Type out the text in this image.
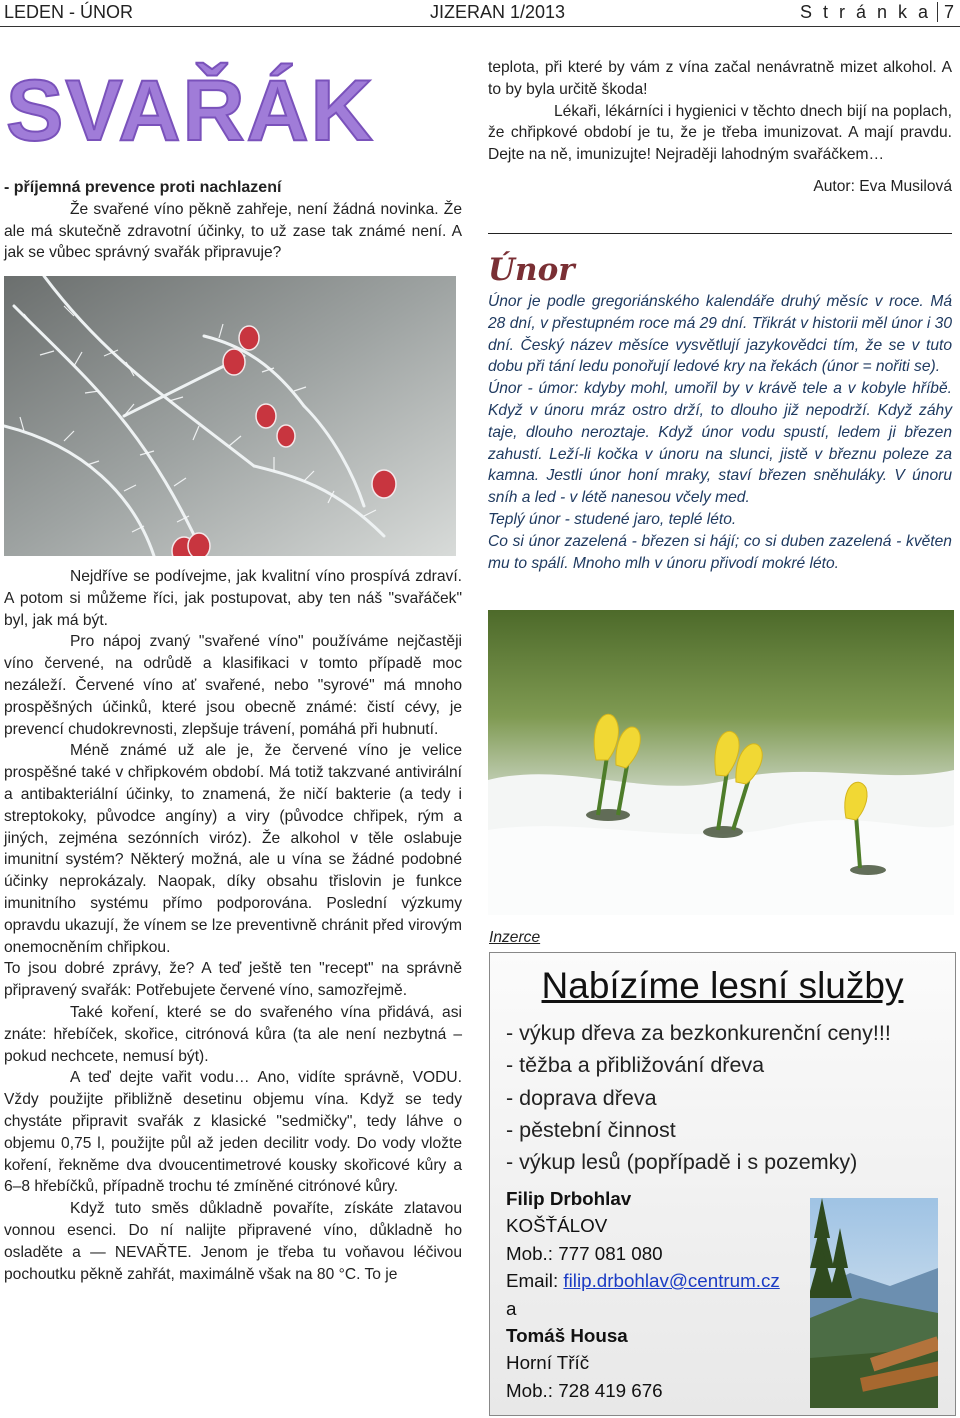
LEDEN - ÚNOR	JIZERAN 1/2013	S t r á n k a 7
SVAŘÁK

- příjemná prevence proti nachlazení

Že svařené víno pěkně zahřeje, není žádná novinka. Že ale má skutečně zdravotní účinky, to už zase tak známé není. A jak se vůbec správný svařák připravuje?

Nejdříve se podívejme, jak kvalitní víno prospívá zdraví. A potom si můžeme říci, jak postupovat, aby ten náš "svařáček" byl, jak má být.

Pro nápoj zvaný "svařené víno" používáme nejčastěji víno červené, na odrůdě a klasifikaci v tomto případě moc nezáleží. Červené víno ať svařené, nebo "syrové" má mnoho prospěšných účinků, které jsou obecně známé: čistí cévy, je prevencí chudokrevnosti, zlepšuje trávení, pomáhá při hubnutí.

Méně známé už ale je, že červené víno je velice prospěšné také v chřipkovém období. Má totiž takzvané antivirální a antibakteriální účinky, to znamená, že ničí bakterie (a tedy i streptokoky, původce angíny) a viry (původce chřipek, rým a jiných, zejména sezónních viróz). Že alkohol v těle oslabuje imunitní systém? Některý možná, ale u vína se žádné podobné účinky neprokázaly. Naopak, díky obsahu třislovin je funkce imunitního systému přímo podporována. Poslední výzkumy opravdu ukazují, že vínem se lze preventivně chránit před virovým onemocněním chřipkou.

To jsou dobré zprávy, že? A teď ještě ten "recept" na správně připravený svařák: Potřebujete červené víno, samozřejmě.

Také koření, které se do svařeného vína přidává, asi znáte: hřebíček, skořice, citrónová kůra (ta ale není nezbytná – pokud nechcete, nemusí být).

A teď dejte vařit vodu… Ano, vidíte správně, VODU. Vždy použijte přibližně desetinu objemu vína. Když se tedy chystáte připravit svařák z klasické "sedmičky", tedy láhve o objemu 0,75 l, použijte půl až jeden decilitr vody. Do vody vložte koření, řekněme dva dvoucentimetrové kousky skořicové kůry a 6–8 hřebíčků, případně trochu té zmíněné citrónové kůry.

Když tuto směs důkladně povaříte, získáte zlatavou vonnou esenci. Do ní nalijte připravené víno, důkladně ho osladěte a — NEVAŘTE. Jenom je třeba tu voňavou léčivou pochoutku pěkně zahřát, maximálně však na 80 °C. To je

teplota, při které by vám z vína začal nenávratně mizet alkohol. A to by byla určitě škoda!

Lékaři, lékárníci i hygienici v těchto dnech bijí na poplach, že chřipkové období je tu, že je třeba imunizovat. A mají pravdu. Dejte na ně, imunizujte! Nejraději lahodným svařáčkem…

Autor: Eva Musilová

Únor

Únor je podle gregoriánského kalendáře druhý měsíc v roce. Má 28 dní, v přestupném roce má 29 dní. Třikrát v historii měl únor i 30 dní. Český název měsíce vysvětlují jazykovědci tím, že se v tuto dobu při tání ledu ponořují ledové kry na řekách (únor = nořiti se).

Únor - úmor: kdyby mohl, umořil by v krávě tele a v kobyle hříbě. Když v únoru mráz ostro drží, to dlouho již nepodrží. Když záhy taje, dlouho neroztaje. Když únor vodu spustí, ledem ji březen zahustí. Leží-li kočka v únoru na slunci, jistě v březnu poleze za kamna. Jestli únor honí mraky, staví březen sněhuláky. V únoru sníh a led - v létě nanesou včely med.

Teplý únor - studené jaro, teplé léto.

Co si únor zazelená - březen si hájí; co si duben zazelená - květen mu to spálí. Mnoho mlh v únoru přivodí mokré léto.

Inzerce
Nabízíme lesní služby
- výkup dřeva za bezkonkurenční ceny!!!
- těžba a přibližování dřeva
- doprava dřeva
- pěstební činnost
- výkup lesů (popřípadě i s pozemky)
Filip Drbohlav
KOŠŤÁLOV
Mob.: 777 081 080
Email: filip.drbohlav@centrum.cz
a
Tomáš Housa
Horní Tříč
Mob.: 728 419 676
